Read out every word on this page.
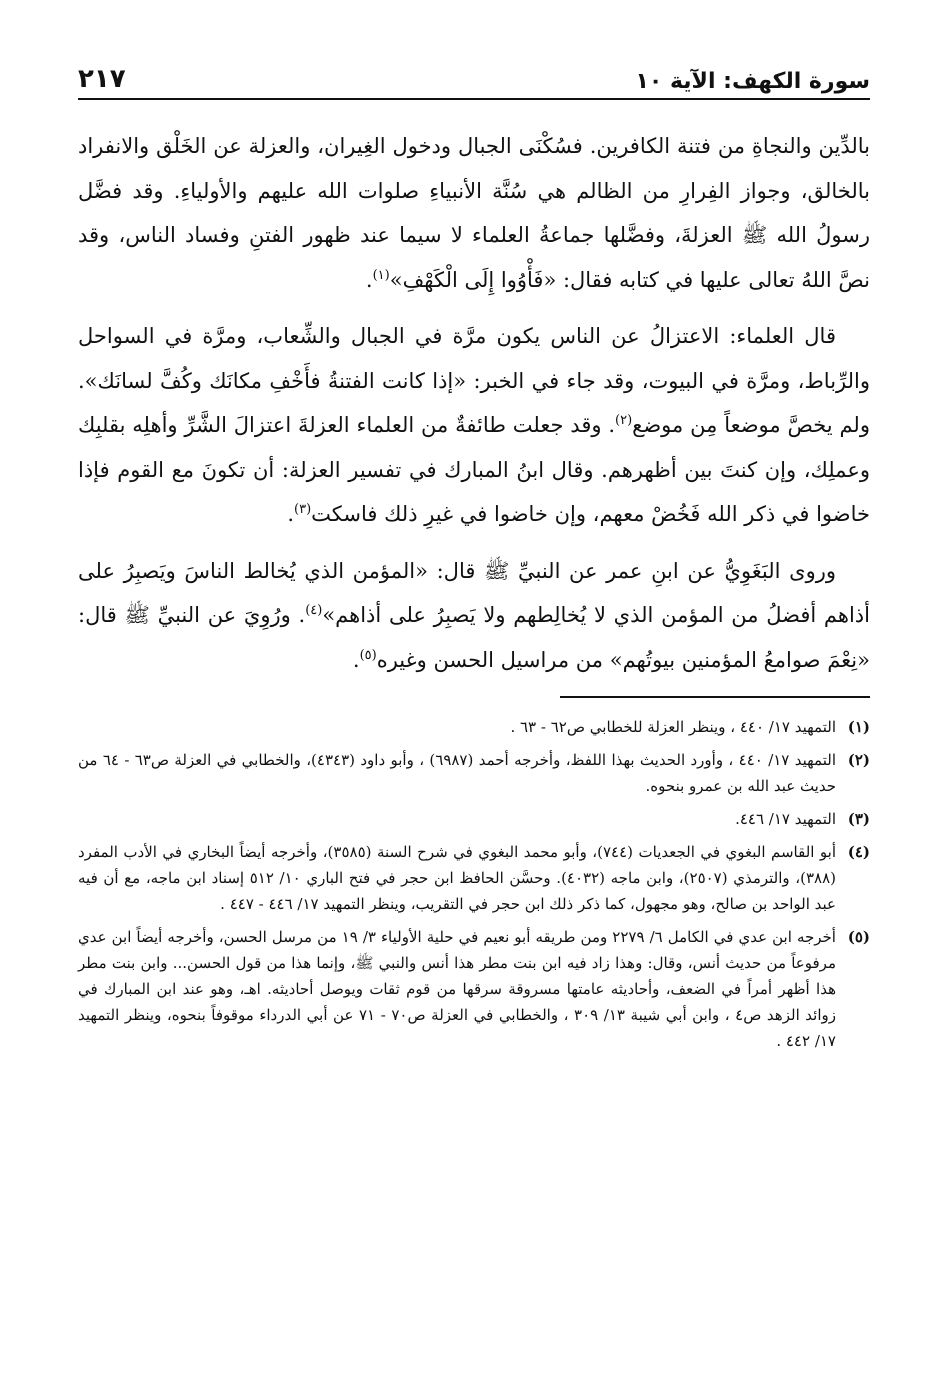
سورة الكهف: الآية ١٠
٢١٧

بالدِّين والنجاةِ من فتنة الكافرين. فسُكْنَى الجبال ودخول الغِيران، والعزلة عن الخَلْق والانفراد بالخالق، وجواز الفِرارِ من الظالم هي سُنَّة الأنبياءِ صلوات الله عليهم والأولياءِ. وقد فضَّل رسولُ الله ﷺ العزلةَ، وفضَّلها جماعةُ العلماء لا سيما عند ظهور الفتنِ وفساد الناس، وقد نصَّ اللهُ تعالى عليها في كتابه فقال: «فَأْوُوا إِلَى الْكَهْفِ»$^{(١)}$.

قال العلماء: الاعتزالُ عن الناس يكون مرَّة في الجبال والشِّعاب، ومرَّة في السواحل والرِّباط، ومرَّة في البيوت، وقد جاء في الخبر: «إذا كانت الفتنةُ فأَخْفِ مكانَك وكُفَّ لسانَك». ولم يخصَّ موضعاً مِن موضع$^{(٢)}$. وقد جعلت طائفةٌ من العلماء العزلةَ اعتزالَ الشَّرِّ وأهلِه بقلبِك وعملِك، وإن كنتَ بين أظهرهم. وقال ابنُ المبارك في تفسير العزلة: أن تكونَ مع القوم فإذا خاضوا في ذكر الله فَخُضْ معهم، وإن خاضوا في غيرِ ذلك فاسكت$^{(٣)}$.

وروى البَغَوِيُّ عن ابنِ عمر عن النبيِّ ﷺ قال: «المؤمن الذي يُخالط الناسَ ويَصبِرُ على أذاهم أفضلُ من المؤمن الذي لا يُخالِطهم ولا يَصبِرُ على أذاهم»$^{(٤)}$. ورُوِيَ عن النبيِّ ﷺ قال: «نِعْمَ صوامعُ المؤمنين بيوتُهم» من مراسيل الحسن وغيره$^{(٥)}$.

(١)
التمهيد ١٧/ ٤٤٠ ، وينظر العزلة للخطابي ص٦٢ - ٦٣ .
(٢)
التمهيد ١٧/ ٤٤٠ ، وأورد الحديث بهذا اللفظ، وأخرجه أحمد (٦٩٨٧) ، وأبو داود (٤٣٤٣)، والخطابي في العزلة ص٦٣ - ٦٤ من حديث عبد الله بن عمرو بنحوه.
(٣)
التمهيد ١٧/ ٤٤٦.
(٤)
أبو القاسم البغوي في الجعديات (٧٤٤)، وأبو محمد البغوي في شرح السنة (٣٥٨٥)، وأخرجه أيضاً البخاري في الأدب المفرد (٣٨٨)، والترمذي (٢٥٠٧)، وابن ماجه (٤٠٣٢). وحسَّن الحافظ ابن حجر في فتح الباري ١٠/ ٥١٢ إسناد ابن ماجه، مع أن فيه عبد الواحد بن صالح، وهو مجهول، كما ذكر ذلك ابن حجر في التقريب، وينظر التمهيد ١٧/ ٤٤٦ - ٤٤٧ .
(٥)
أخرجه ابن عدي في الكامل ٦/ ٢٢٧٩ ومن طريقه أبو نعيم في حلية الأولياء ٣/ ١٩ من مرسل الحسن، وأخرجه أيضاً ابن عدي مرفوعاً من حديث أنس، وقال: وهذا زاد فيه ابن بنت مطر هذا أنس والنبي ﷺ، وإنما هذا من قول الحسن... وابن بنت مطر هذا أظهر أمراً في الضعف، وأحاديثه عامتها مسروقة سرقها من قوم ثقات ويوصل أحاديثه. اهـ، وهو عند ابن المبارك في زوائد الزهد ص٤ ، وابن أبي شيبة ١٣/ ٣٠٩ ، والخطابي في العزلة ص٧٠ - ٧١ عن أبي الدرداء موقوفاً بنحوه، وينظر التمهيد ١٧/ ٤٤٢ .
